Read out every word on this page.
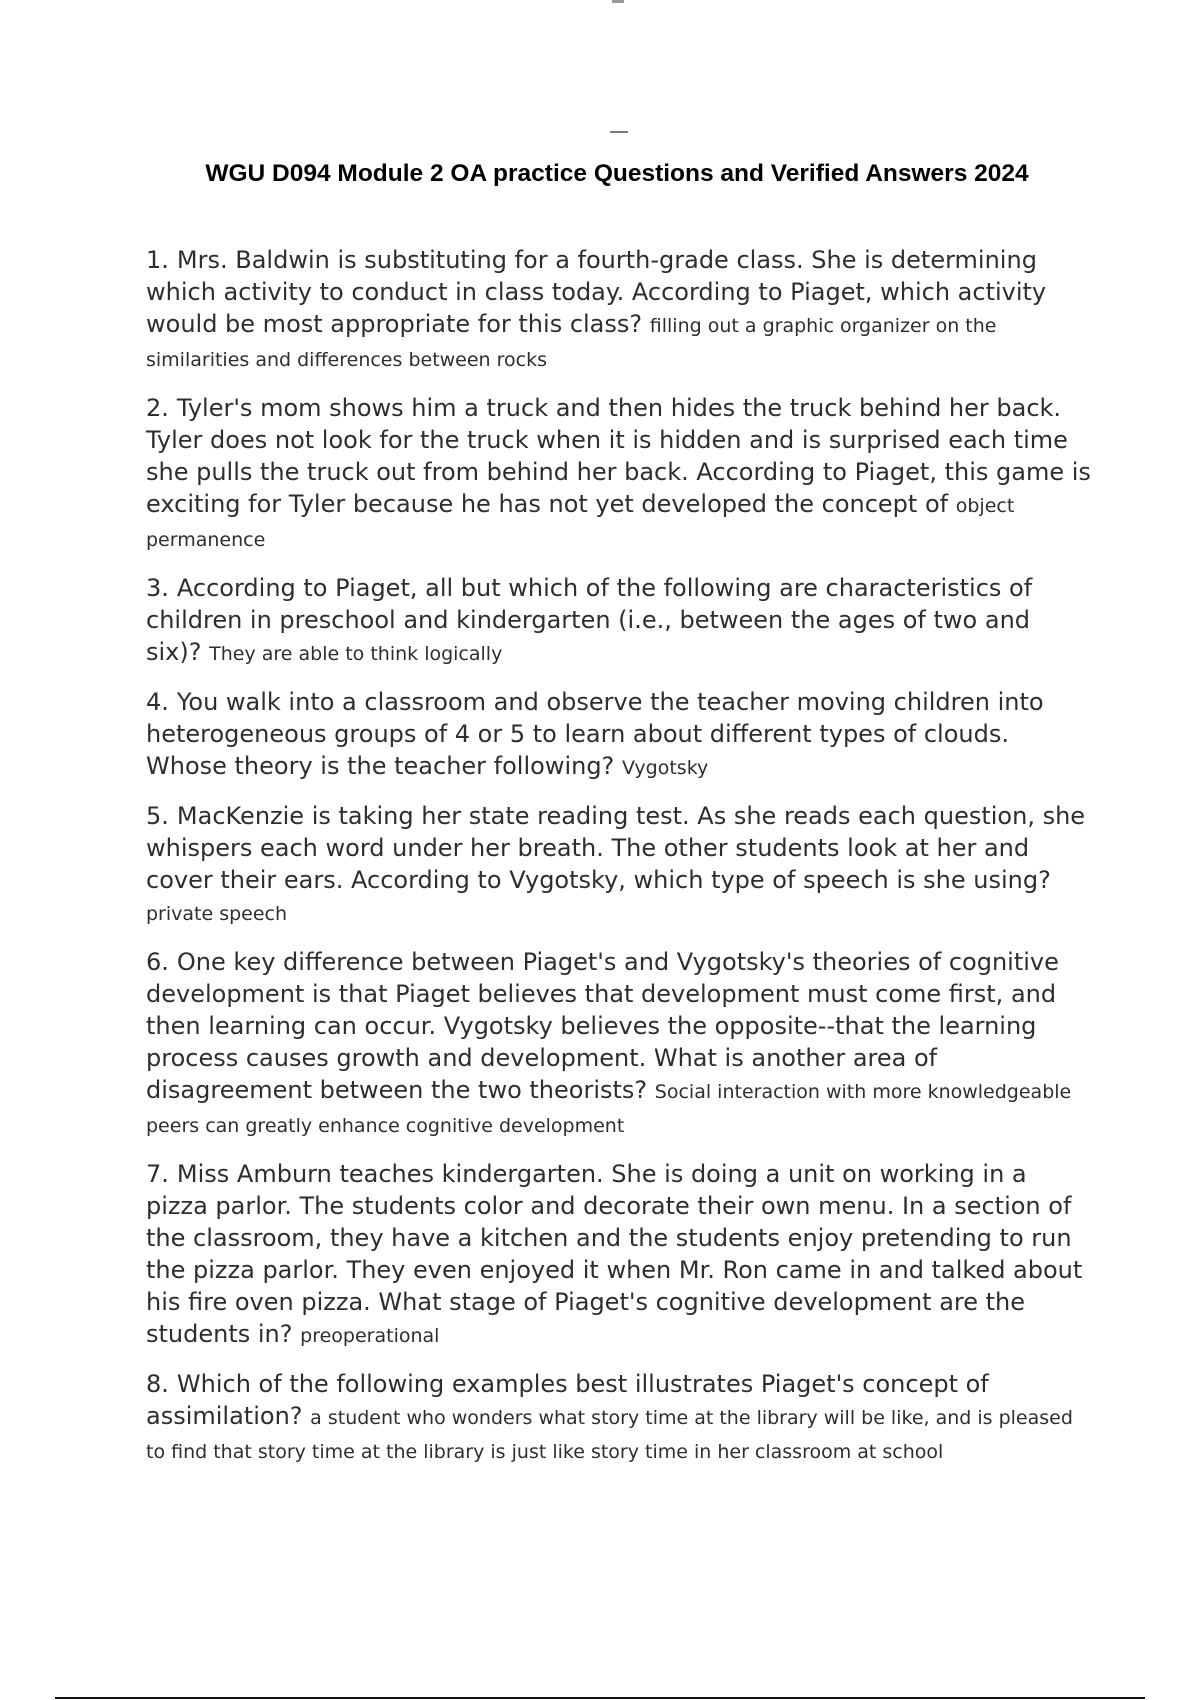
WGU D094 Module 2 OA practice Questions and Verified Answers 2024
1. Mrs. Baldwin is substituting for a fourth-grade class. She is determining which activity to conduct in class today. According to Piaget, which activity would be most appropriate for this class? filling out a graphic organizer on the similarities and differences between rocks
2. Tyler's mom shows him a truck and then hides the truck behind her back. Tyler does not look for the truck when it is hidden and is surprised each time she pulls the truck out from behind her back. According to Piaget, this game is exciting for Tyler because he has not yet developed the concept of object permanence
3. According to Piaget, all but which of the following are characteristics of children in preschool and kindergarten (i.e., between the ages of two and six)? They are able to think logically
4. You walk into a classroom and observe the teacher moving children into heterogeneous groups of 4 or 5 to learn about different types of clouds. Whose theory is the teacher following? Vygotsky
5. MacKenzie is taking her state reading test. As she reads each question, she whispers each word under her breath. The other students look at her and cover their ears. According to Vygotsky, which type of speech is she using? private speech
6. One key difference between Piaget's and Vygotsky's theories of cognitive development is that Piaget believes that development must come first, and then learning can occur. Vygotsky believes the opposite--that the learning process causes growth and development. What is another area of disagreement between the two theorists? Social interaction with more knowledgeable peers can greatly enhance cognitive development
7. Miss Amburn teaches kindergarten. She is doing a unit on working in a pizza parlor. The students color and decorate their own menu. In a section of the classroom, they have a kitchen and the students enjoy pretending to run the pizza parlor. They even enjoyed it when Mr. Ron came in and talked about his fire oven pizza. What stage of Piaget's cognitive development are the students in? preoperational
8. Which of the following examples best illustrates Piaget's concept of assimilation? a student who wonders what story time at the library will be like, and is pleased to find that story time at the library is just like story time in her classroom at school
